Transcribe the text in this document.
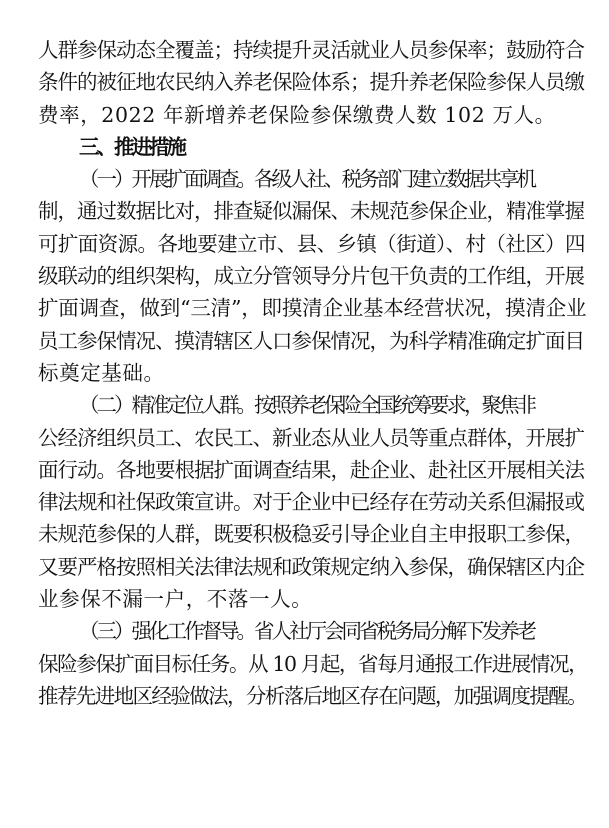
人群参保动态全覆盖；持续提升灵活就业人员参保率；鼓励符合
条件的被征地农民纳入养老保险体系；提升养老保险参保人员缴
费率，2022 年新增养老保险参保缴费人数 102 万人。
三、推进措施
（一）开展扩面调查。各级人社、税务部门建立数据共享机
制，通过数据比对，排查疑似漏保、未规范参保企业，精准掌握
可扩面资源。各地要建立市、县、乡镇（街道）、村（社区）四
级联动的组织架构，成立分管领导分片包干负责的工作组，开展
扩面调查，做到“三清”，即摸清企业基本经营状况，摸清企业
员工参保情况、摸清辖区人口参保情况，为科学精准确定扩面目
标奠定基础。
（二）精准定位人群。按照养老保险全国统筹要求，聚焦非
公经济组织员工、农民工、新业态从业人员等重点群体，开展扩
面行动。各地要根据扩面调查结果，赴企业、赴社区开展相关法
律法规和社保政策宣讲。对于企业中已经存在劳动关系但漏报或
未规范参保的人群，既要积极稳妥引导企业自主申报职工参保，
又要严格按照相关法律法规和政策规定纳入参保，确保辖区内企
业参保不漏一户，不落一人。
（三）强化工作督导。省人社厅会同省税务局分解下发养老
保险参保扩面目标任务。从 10 月起，省每月通报工作进展情况，
推荐先进地区经验做法，分析落后地区存在问题，加强调度提醒。
